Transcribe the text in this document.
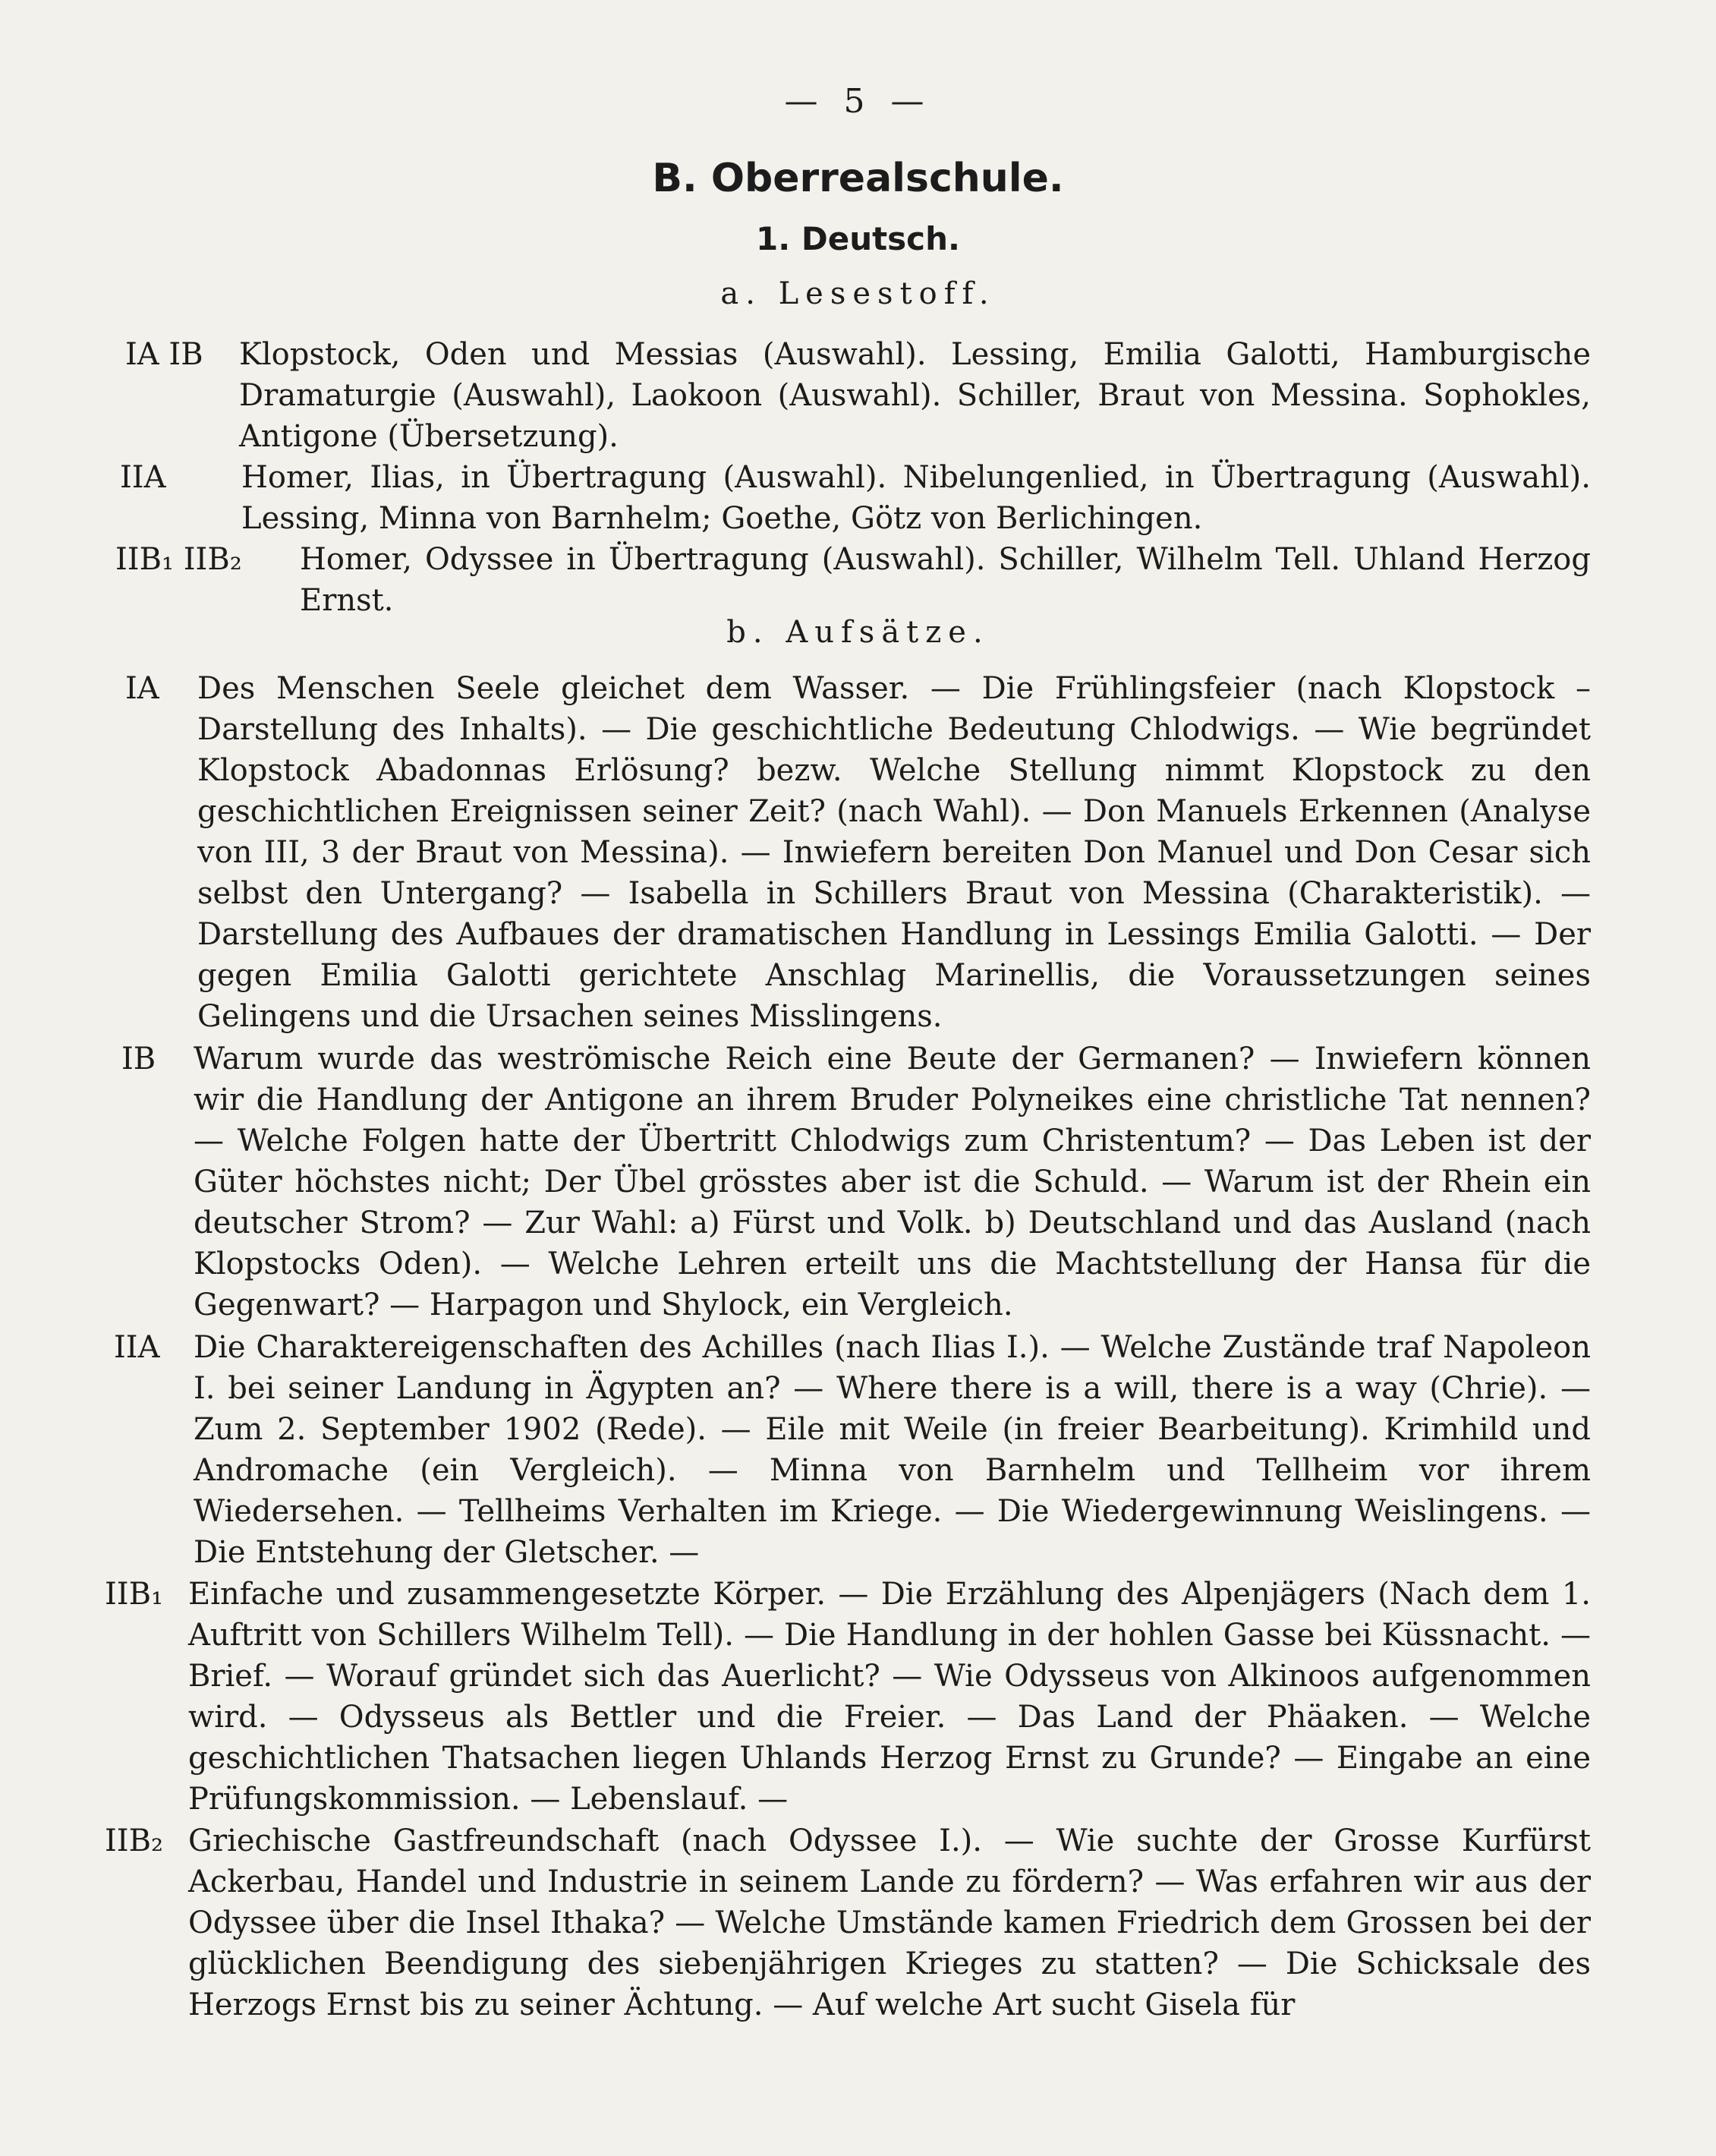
— 5 —
B. Oberrealschule.
1. Deutsch.
a. Lesestoff.
IA IB Klopstock, Oden und Messias (Auswahl). Lessing, Emilia Galotti, Hamburgische Dramaturgie (Auswahl), Laokoon (Auswahl). Schiller, Braut von Messina. Sophokles, Antigone (Übersetzung).
IIA Homer, Ilias, in Übertragung (Auswahl). Nibelungenlied, in Übertragung (Auswahl). Lessing, Minna von Barnhelm; Goethe, Götz von Berlichingen.
IIB₁ IIB₂ Homer, Odyssee in Übertragung (Auswahl). Schiller, Wilhelm Tell. Uhland Herzog Ernst.
b. Aufsätze.
IA Des Menschen Seele gleichet dem Wasser. — Die Frühlingsfeier (nach Klopstock – Darstellung des Inhalts). — Die geschichtliche Bedeutung Chlodwigs. — Wie begründet Klopstock Abadonnas Erlösung? bezw. Welche Stellung nimmt Klopstock zu den geschichtlichen Ereignissen seiner Zeit? (nach Wahl). — Don Manuels Erkennen (Analyse von III, 3 der Braut von Messina). — Inwiefern bereiten Don Manuel und Don Cesar sich selbst den Untergang? — Isabella in Schillers Braut von Messina (Charakteristik). — Darstellung des Aufbaues der dramatischen Handlung in Lessings Emilia Galotti. — Der gegen Emilia Galotti gerichtete Anschlag Marinellis, die Voraussetzungen seines Gelingens und die Ursachen seines Misslingens.
IB Warum wurde das weströmische Reich eine Beute der Germanen? — Inwiefern können wir die Handlung der Antigone an ihrem Bruder Polyneikes eine christliche Tat nennen? — Welche Folgen hatte der Übertritt Chlodwigs zum Christentum? — Das Leben ist der Güter höchstes nicht; Der Übel grösstes aber ist die Schuld. — Warum ist der Rhein ein deutscher Strom? — Zur Wahl: a) Fürst und Volk. b) Deutschland und das Ausland (nach Klopstocks Oden). — Welche Lehren erteilt uns die Machtstellung der Hansa für die Gegenwart? — Harpagon und Shylock, ein Vergleich.
IIA Die Charaktereigenschaften des Achilles (nach Ilias I.). — Welche Zustände traf Napoleon I. bei seiner Landung in Ägypten an? — Where there is a will, there is a way (Chrie). — Zum 2. September 1902 (Rede). — Eile mit Weile (in freier Bearbeitung). Krimhild und Andromache (ein Vergleich). — Minna von Barnhelm und Tellheim vor ihrem Wiedersehen. — Tellheims Verhalten im Kriege. — Die Wiedergewinnung Weislingens. — Die Entstehung der Gletscher. —
IIB₁ Einfache und zusammengesetzte Körper. — Die Erzählung des Alpenjägers (Nach dem 1. Auftritt von Schillers Wilhelm Tell). — Die Handlung in der hohlen Gasse bei Küssnacht. — Brief. — Worauf gründet sich das Auerlicht? — Wie Odysseus von Alkinoos aufgenommen wird. — Odysseus als Bettler und die Freier. — Das Land der Phäaken. — Welche geschichtlichen Thatsachen liegen Uhlands Herzog Ernst zu Grunde? — Eingabe an eine Prüfungskommission. — Lebenslauf. —
IIB₂ Griechische Gastfreundschaft (nach Odyssee I.). — Wie suchte der Grosse Kurfürst Ackerbau, Handel und Industrie in seinem Lande zu fördern? — Was erfahren wir aus der Odyssee über die Insel Ithaka? — Welche Umstände kamen Friedrich dem Grossen bei der glücklichen Beendigung des siebenjährigen Krieges zu statten? — Die Schicksale des Herzogs Ernst bis zu seiner Ächtung. — Auf welche Art sucht Gisela für
